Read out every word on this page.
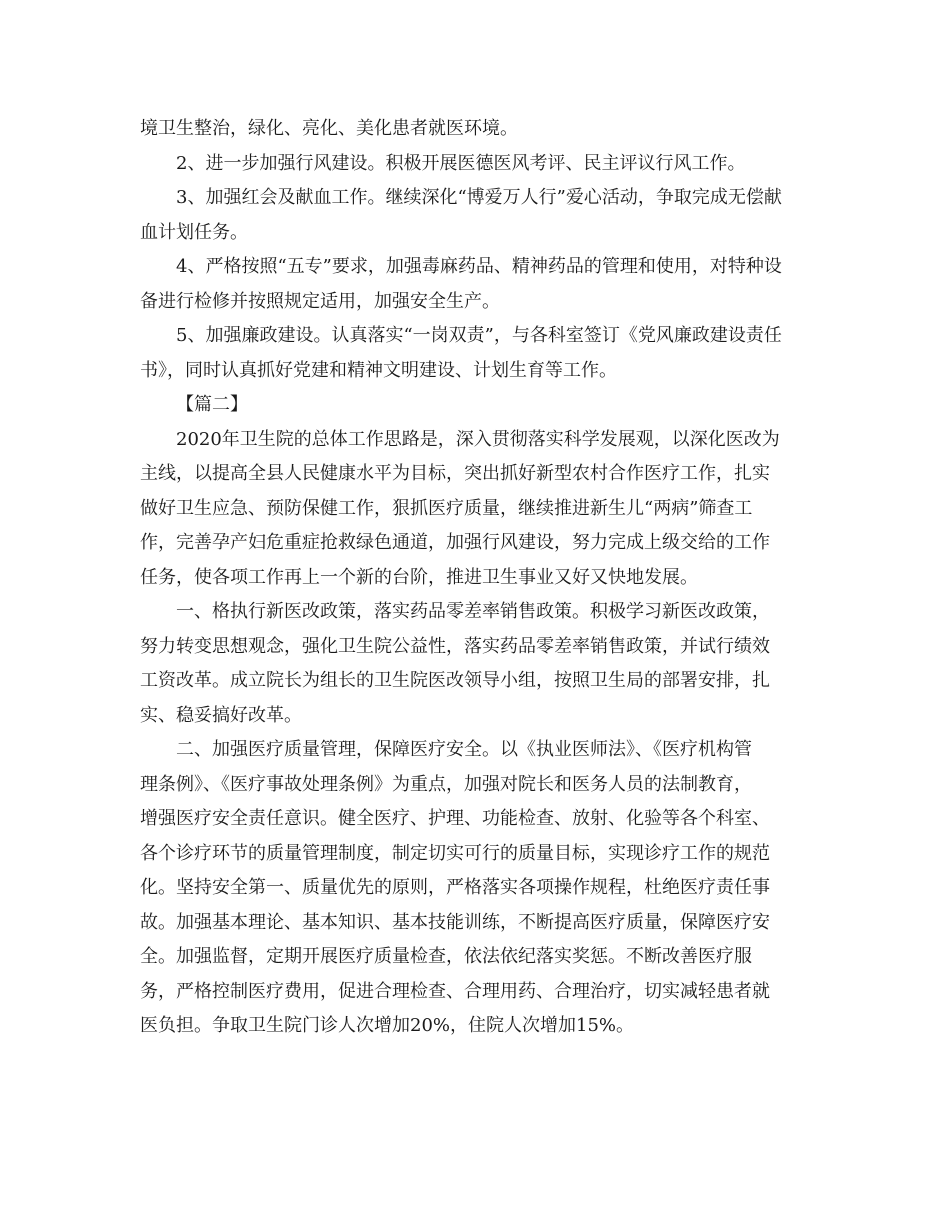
境卫生整治，绿化、亮化、美化患者就医环境。
2、进一步加强行风建设。积极开展医德医风考评、民主评议行风工作。
3、加强红会及献血工作。继续深化“博爱万人行”爱心活动，争取完成无偿献
血计划任务。
4、严格按照“五专”要求，加强毒麻药品、精神药品的管理和使用，对特种设
备进行检修并按照规定适用，加强安全生产。
5、加强廉政建设。认真落实“一岗双责”，与各科室签订《党风廉政建设责任
书》，同时认真抓好党建和精神文明建设、计划生育等工作。
【篇二】
2020年卫生院的总体工作思路是，深入贯彻落实科学发展观，以深化医改为
主线，以提高全县人民健康水平为目标，突出抓好新型农村合作医疗工作，扎实
做好卫生应急、预防保健工作，狠抓医疗质量，继续推进新生儿“两病”筛查工
作，完善孕产妇危重症抢救绿色通道，加强行风建设，努力完成上级交给的工作
任务，使各项工作再上一个新的台阶，推进卫生事业又好又快地发展。
一、格执行新医改政策，落实药品零差率销售政策。积极学习新医改政策，
努力转变思想观念，强化卫生院公益性，落实药品零差率销售政策，并试行绩效
工资改革。成立院长为组长的卫生院医改领导小组，按照卫生局的部署安排，扎
实、稳妥搞好改革。
二、加强医疗质量管理，保障医疗安全。以《执业医师法》、《医疗机构管
理条例》、《医疗事故处理条例》为重点，加强对院长和医务人员的法制教育，
增强医疗安全责任意识。健全医疗、护理、功能检查、放射、化验等各个科室、
各个诊疗环节的质量管理制度，制定切实可行的质量目标，实现诊疗工作的规范
化。坚持安全第一、质量优先的原则，严格落实各项操作规程，杜绝医疗责任事
故。加强基本理论、基本知识、基本技能训练，不断提高医疗质量，保障医疗安
全。加强监督，定期开展医疗质量检查，依法依纪落实奖惩。不断改善医疗服
务，严格控制医疗费用，促进合理检查、合理用药、合理治疗，切实减轻患者就
医负担。争取卫生院门诊人次增加20%，住院人次增加15%。
